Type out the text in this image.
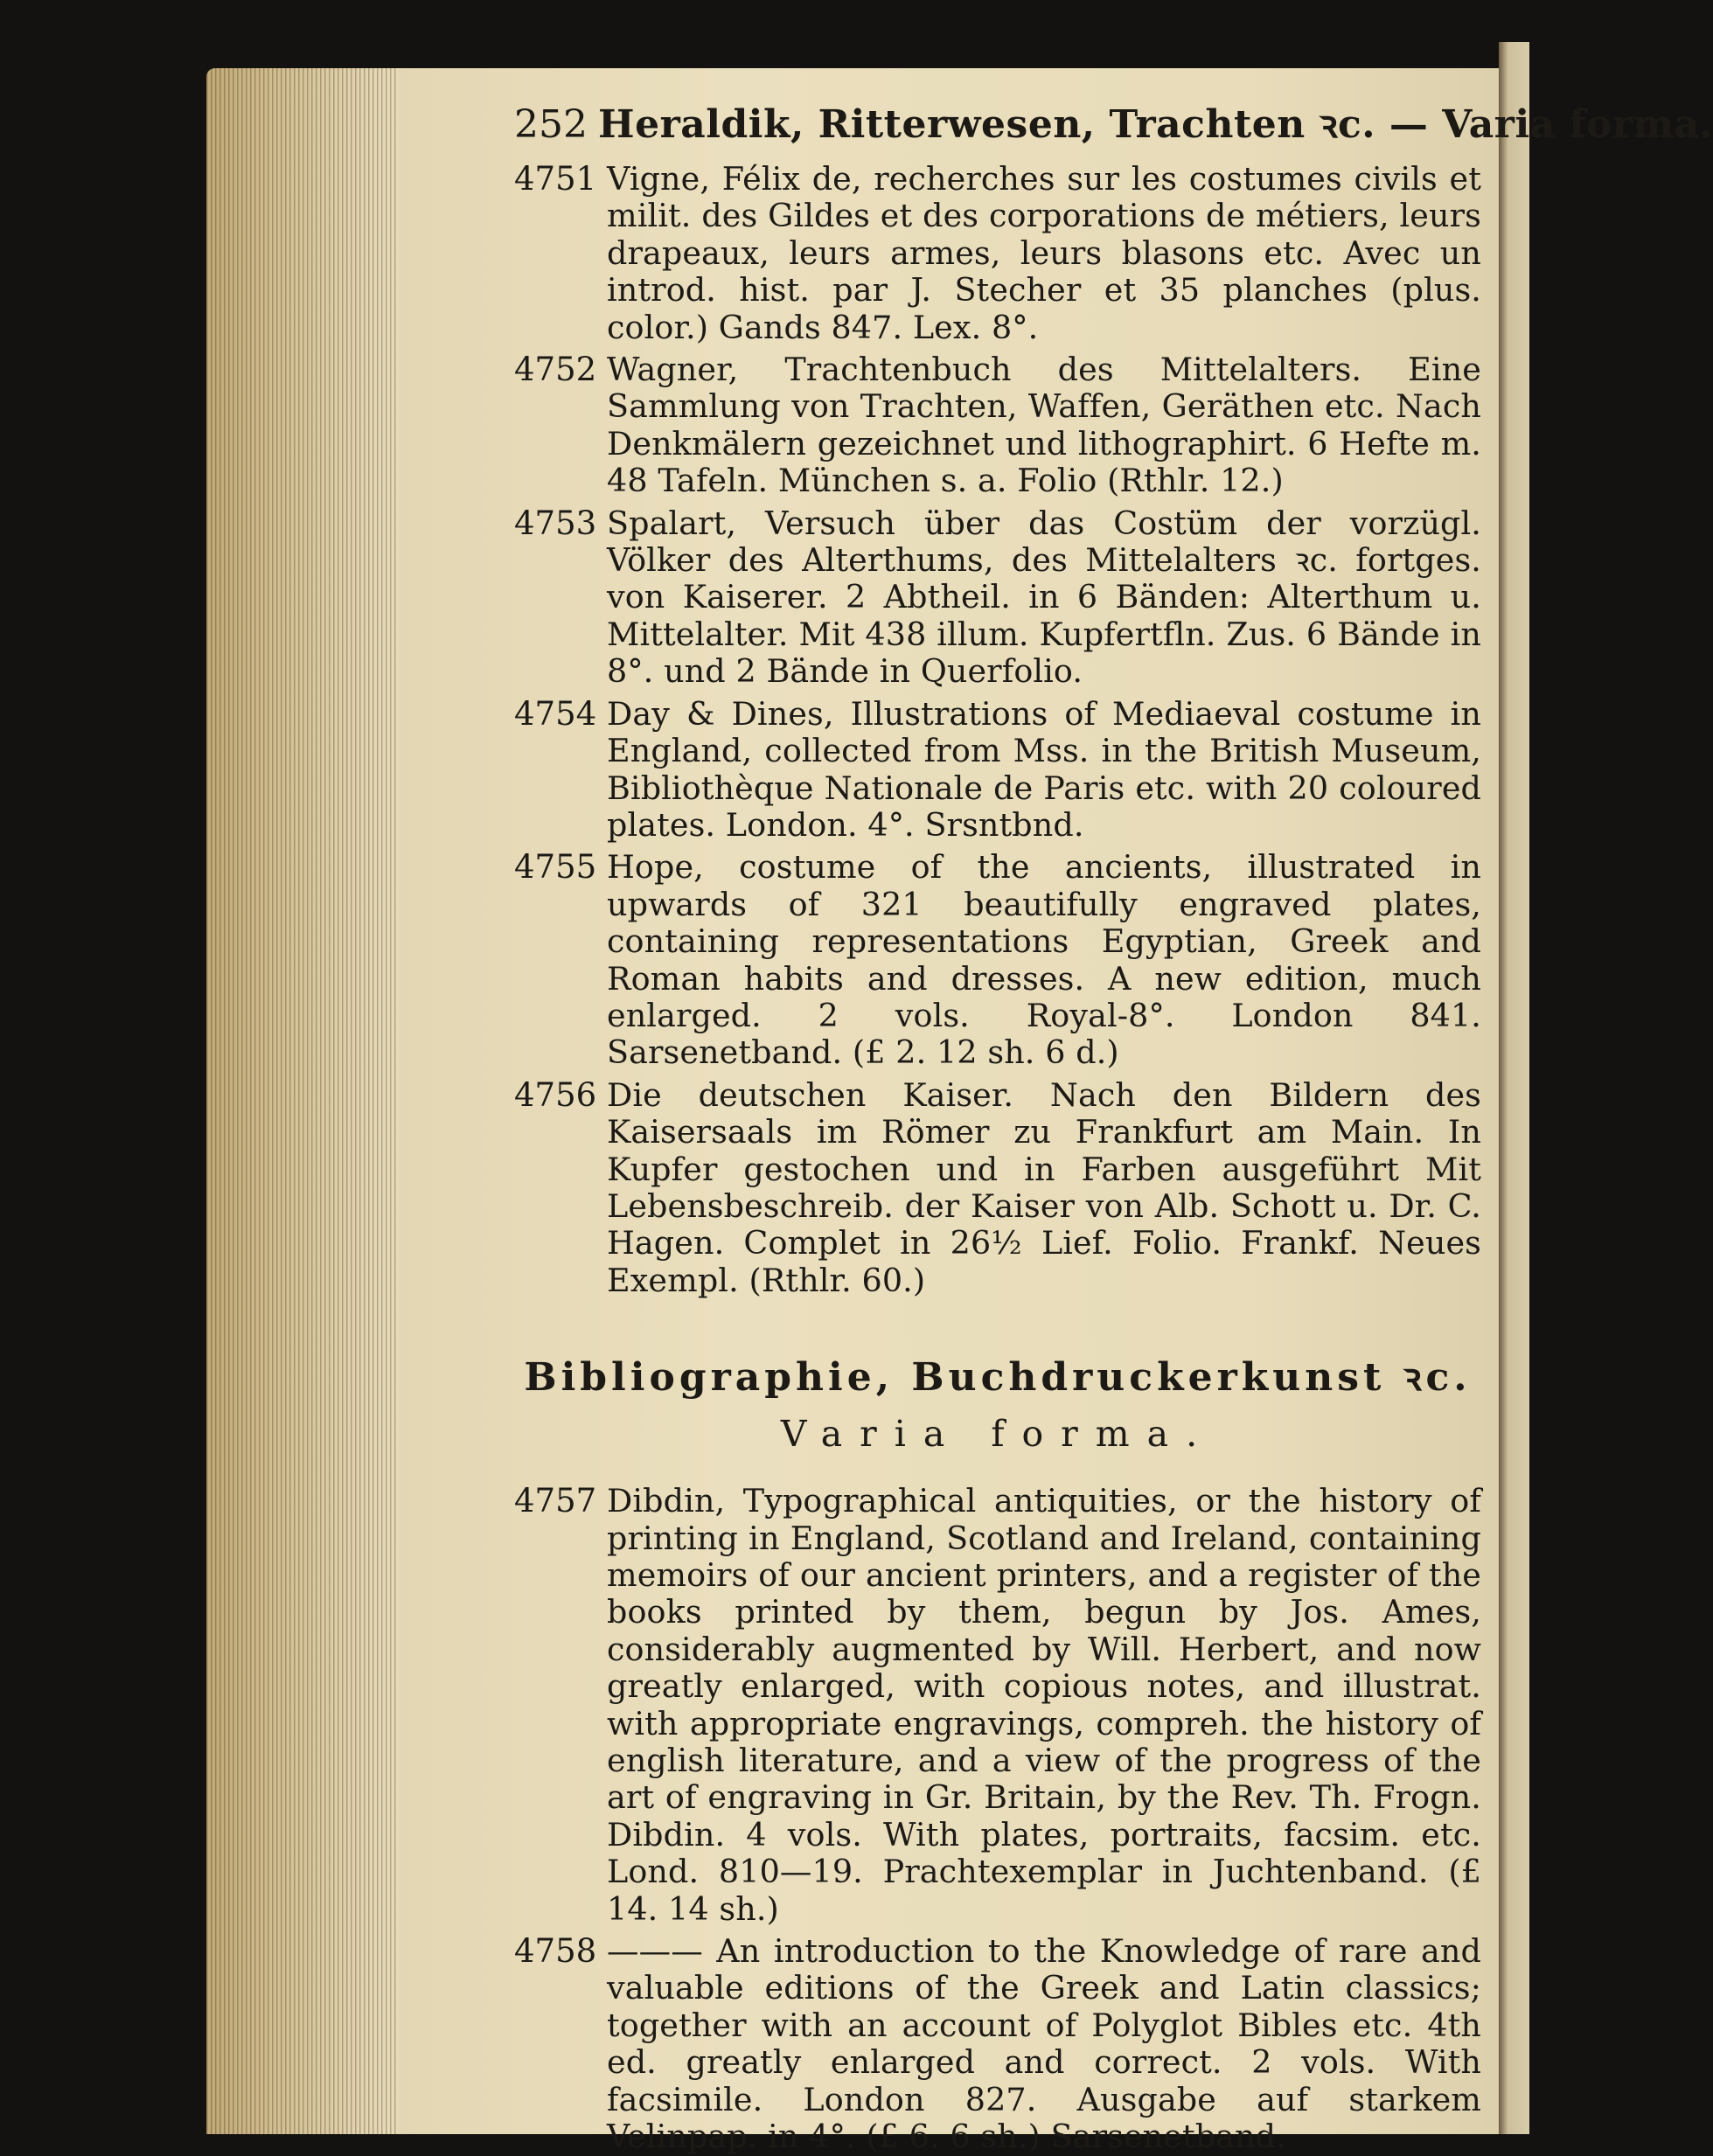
252 Heraldik, Ritterwesen, Trachten ꝛc. — Varia forma.
4751 Vigne, Félix de, recherches sur les costumes civils et milit. des Gildes et des corporations de métiers, leurs drapeaux, leurs armes, leurs blasons etc. Avec un introd. hist. par J. Stecher et 35 planches (plus. color.) Gands 847. Lex. 8°.
4752 Wagner, Trachtenbuch des Mittelalters. Eine Sammlung von Trachten, Waffen, Geräthen etc. Nach Denkmälern gezeichnet und lithographirt. 6 Hefte m. 48 Tafeln. München s. a. Folio (Rthlr. 12.)
4753 Spalart, Versuch über das Costüm der vorzügl. Völker des Alterthums, des Mittelalters ꝛc. fortges. von Kaiserer. 2 Abtheil. in 6 Bänden: Alterthum u. Mittelalter. Mit 438 illum. Kupfertfln. Zus. 6 Bände in 8°. und 2 Bände in Querfolio.
4754 Day & Dines, Illustrations of Mediaeval costume in England, collected from Mss. in the British Museum, Bibliothèque Nationale de Paris etc. with 20 coloured plates. London. 4°. Srsntbnd.
4755 Hope, costume of the ancients, illustrated in upwards of 321 beautifully engraved plates, containing representations Egyptian, Greek and Roman habits and dresses. A new edition, much enlarged. 2 vols. Royal-8°. London 841. Sarsenetband. (£ 2. 12 sh. 6 d.)
4756 Die deutschen Kaiser. Nach den Bildern des Kaisersaals im Römer zu Frankfurt am Main. In Kupfer gestochen und in Farben ausgeführt Mit Lebensbeschreib. der Kaiser von Alb. Schott u. Dr. C. Hagen. Complet in 26½ Lief. Folio. Frankf. Neues Exempl. (Rthlr. 60.)
Bibliographie, Buchdruckerkunst ꝛc.
Varia forma.
4757 Dibdin, Typographical antiquities, or the history of printing in England, Scotland and Ireland, containing memoirs of our ancient printers, and a register of the books printed by them, begun by Jos. Ames, considerably augmented by Will. Herbert, and now greatly enlarged, with copious notes, and illustrat. with appropriate engravings, compreh. the history of english literature, and a view of the progress of the art of engraving in Gr. Britain, by the Rev. Th. Frogn. Dibdin. 4 vols. With plates, portraits, facsim. etc. Lond. 810—19. Prachtexemplar in Juchtenband. (£ 14. 14 sh.)
4758 ——— An introduction to the Knowledge of rare and valuable editions of the Greek and Latin classics; together with an account of Polyglot Bibles etc. 4th ed. greatly enlarged and correct. 2 vols. With facsimile. London 827. Ausgabe auf starkem Velinpap. in 4°. (£ 6. 6 sh.) Sarsenetband.
